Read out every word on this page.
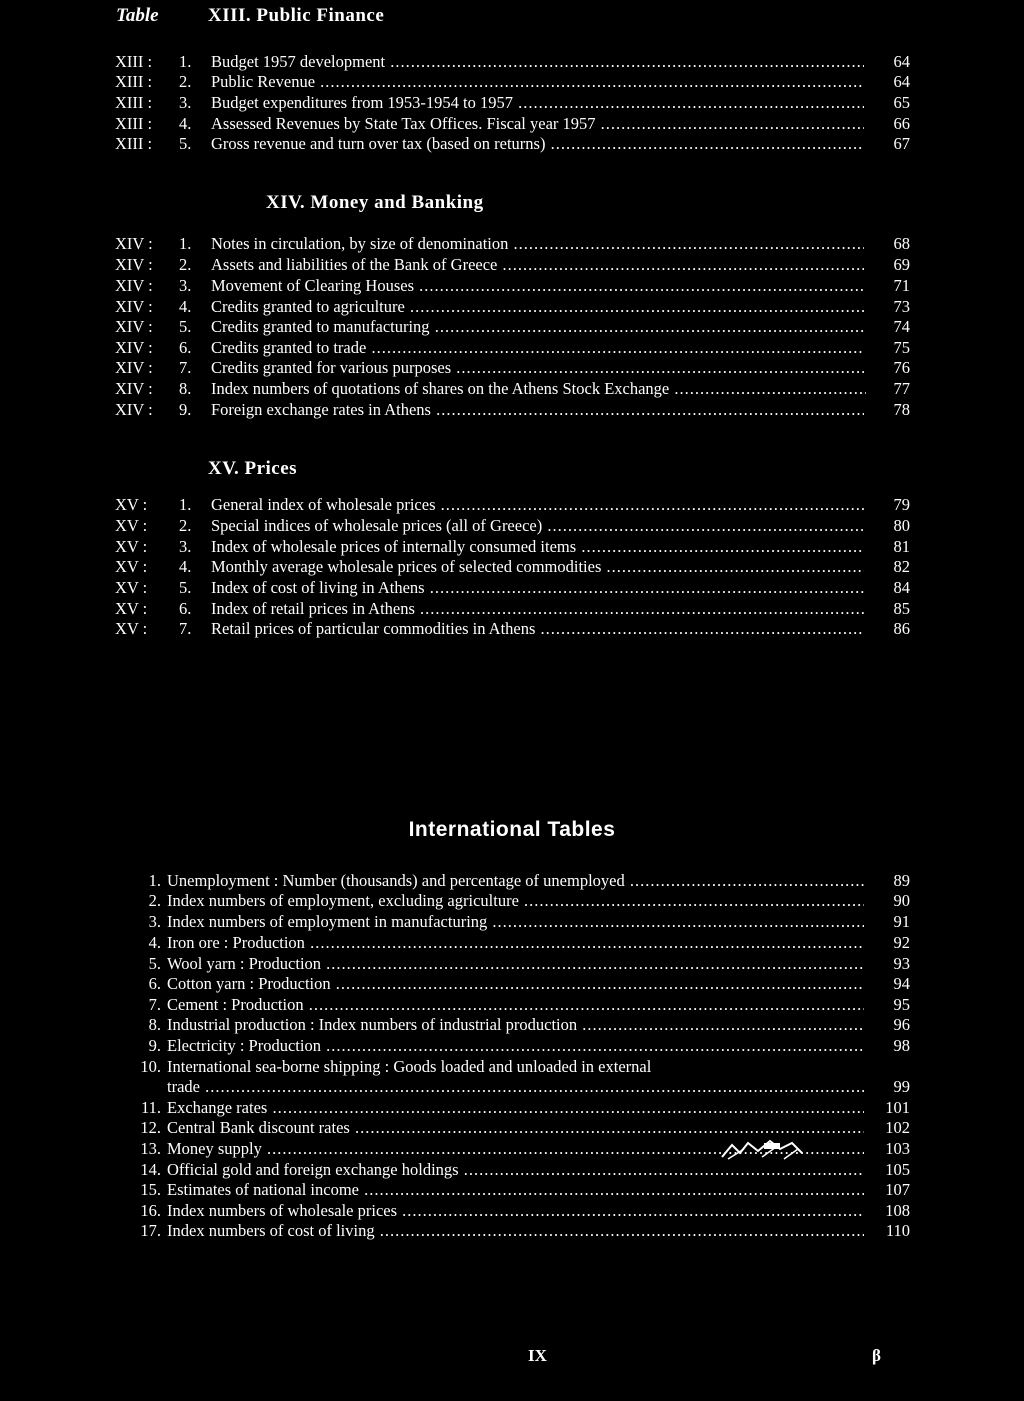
Table	XIII. Public Finance
XIII :	1.	Budget 1957 development .....	64
XIII :	2.	Public Revenue .....	64
XIII :	3.	Budget expenditures from 1953-1954 to 1957 .....	65
XIII :	4.	Assessed Revenues by State Tax Offices. Fiscal year 1957 .....	66
XIII :	5.	Gross revenue and turn over tax (based on returns) .....	67
XIV. Money and Banking
XIV :	1.	Notes in circulation, by size of denomination .....	68
XIV :	2.	Assets and liabilities of the Bank of Greece .....	69
XIV :	3.	Movement of Clearing Houses .....	71
XIV :	4.	Credits granted to agriculture .....	73
XIV :	5.	Credits granted to manufacturing .....	74
XIV :	6.	Credits granted to trade .....	75
XIV :	7.	Credits granted for various purposes .....	76
XIV :	8.	Index numbers of quotations of shares on the Athens Stock Exchange .....	77
XIV :	9.	Foreign exchange rates in Athens .....	78
XV. Prices
XV :	1.	General index of wholesale prices .....	79
XV :	2.	Special indices of wholesale prices (all of Greece) .....	80
XV :	3.	Index of wholesale prices of internally consumed items .....	81
XV :	4.	Monthly average wholesale prices of selected commodities .....	82
XV :	5.	Index of cost of living in Athens .....	84
XV :	6.	Index of retail prices in Athens .....	85
XV :	7.	Retail prices of particular commodities in Athens .....	86
International Tables
1. Unemployment : Number (thousands) and percentage of unemployed .....	89
2. Index numbers of employment, excluding agriculture .....	90
3. Index numbers of employment in manufacturing .....	91
4. Iron ore : Production .....	92
5. Wool yarn : Production .....	93
6. Cotton yarn : Production .....	94
7. Cement : Production .....	95
8. Industrial production : Index numbers of industrial production .....	96
9. Electricity : Production .....	98
10. International sea-borne shipping : Goods loaded and unloaded in external
trade .....	99
11. Exchange rates .....	101
12. Central Bank discount rates .....	102
13. Money supply .....	103
14. Official gold and foreign exchange holdings .....	105
15. Estimates of national income .....	107
16. Index numbers of wholesale prices .....	108
17. Index numbers of cost of living .....	110
IX	β
